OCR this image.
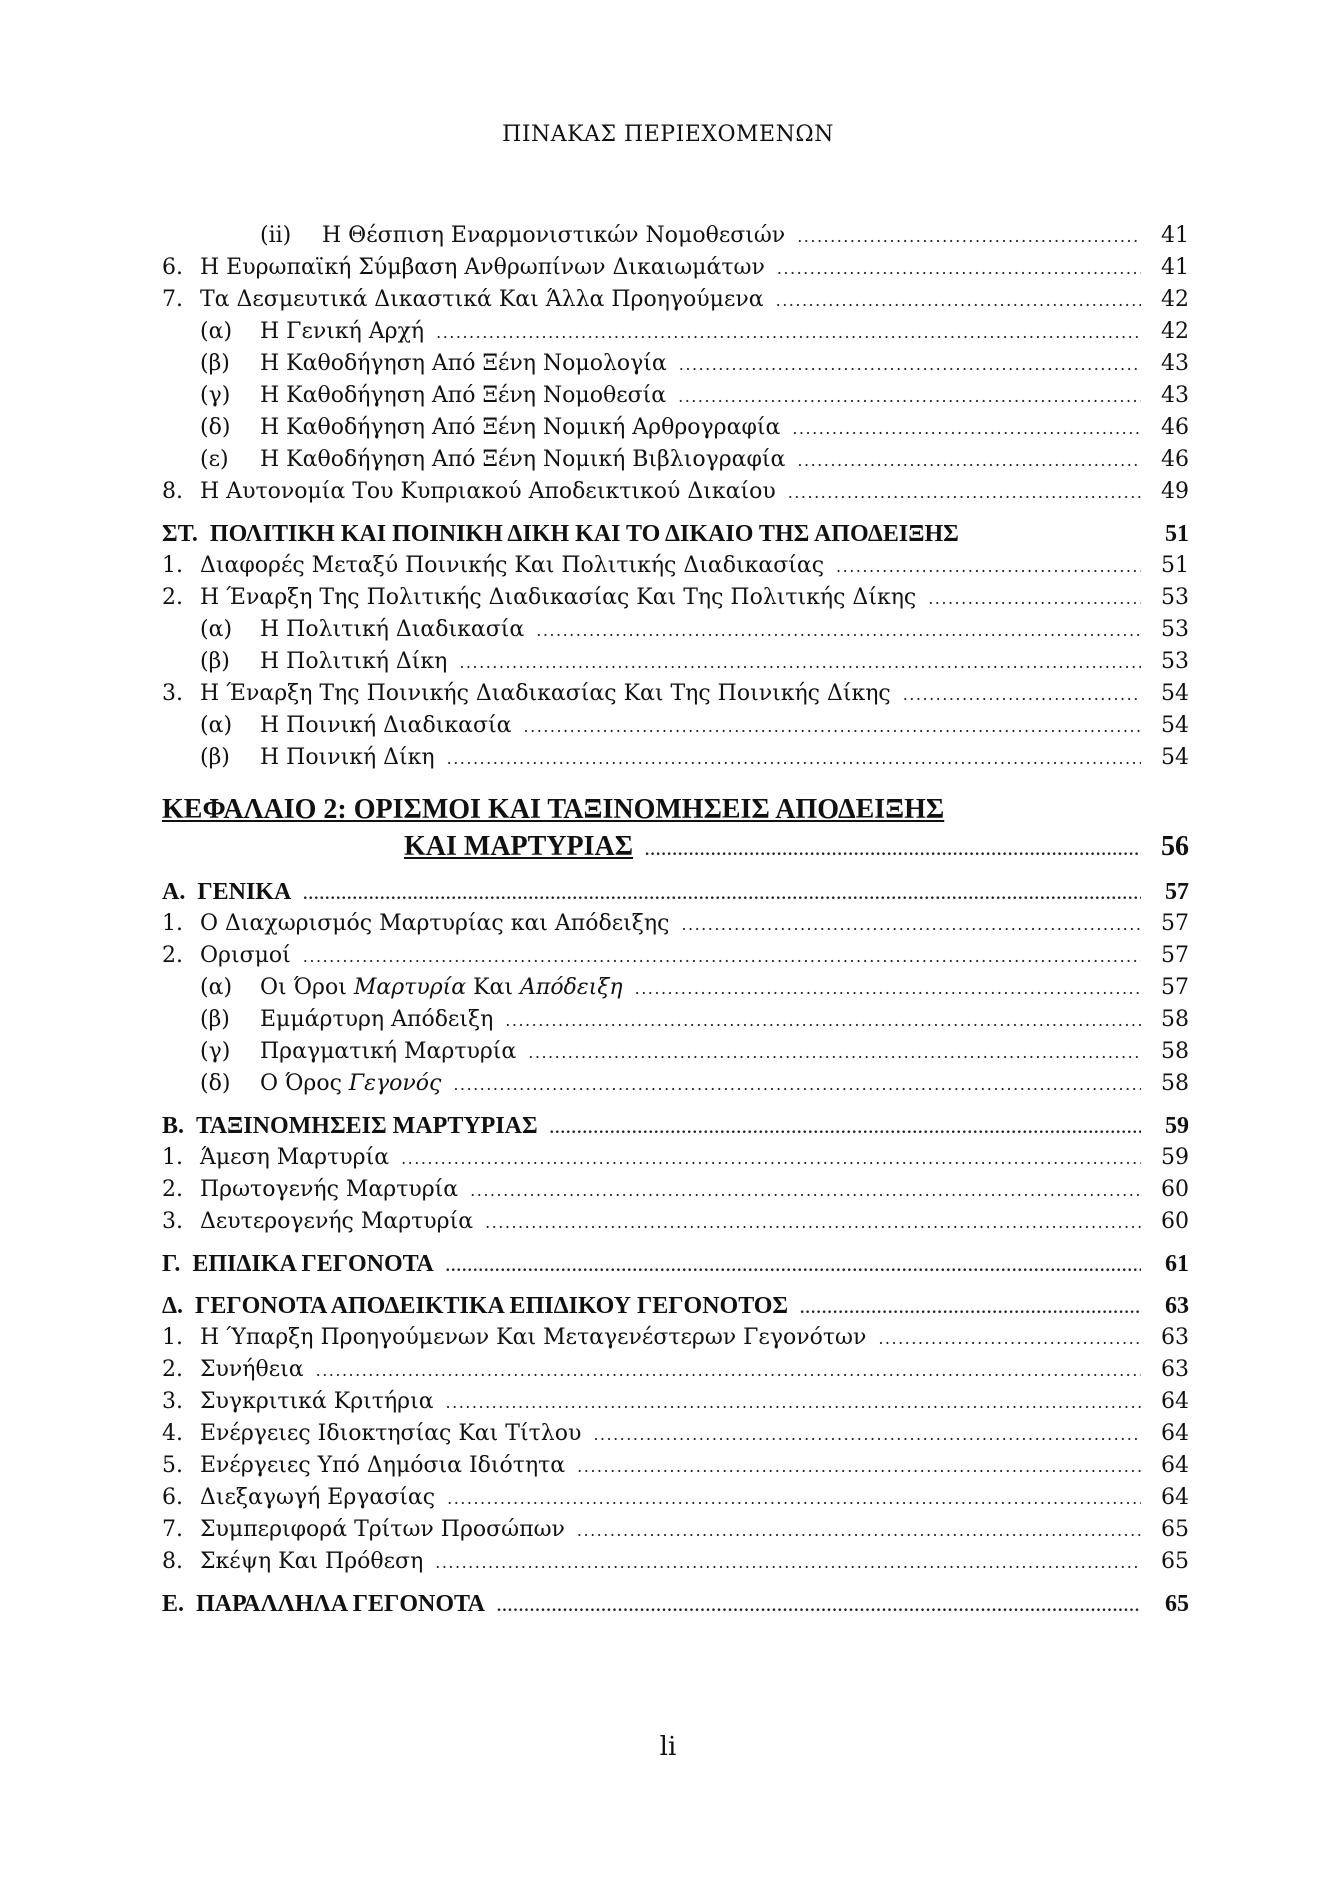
ΠΙΝΑΚΑΣ ΠΕΡΙΕΧΟΜΕΝΩΝ
(ii)	Η Θέσπιση Εναρμονιστικών Νομοθεσιών .....	41
6. Η Ευρωπαϊκή Σύμβαση Ανθρωπίνων Δικαιωμάτων .....	41
7. Τα Δεσμευτικά Δικαστικά Και Άλλα Προηγούμενα .....	42
(α)	Η Γενική Αρχή .....	42
(β)	Η Καθοδήγηση Από Ξένη Νομολογία .....	43
(γ)	Η Καθοδήγηση Από Ξένη Νομοθεσία .....	43
(δ)	Η Καθοδήγηση Από Ξένη Νομική Αρθρογραφία .....	46
(ε)	Η Καθοδήγηση Από Ξένη Νομική Βιβλιογραφία .....	46
8. Η Αυτονομία Του Κυπριακού Αποδεικτικού Δικαίου .....	49
ΣΤ. ΠΟΛΙΤΙΚΗ ΚΑΙ ΠΟΙΝΙΚΗ ΔΙΚΗ ΚΑΙ ΤΟ ΔΙΚΑΙΟ ΤΗΣ ΑΠΟΔΕΙΞΗΣ	51
1. Διαφορές Μεταξύ Ποινικής Και Πολιτικής Διαδικασίας .....	51
2. Η Έναρξη Της Πολιτικής Διαδικασίας Και Της Πολιτικής Δίκης .....	53
(α)	Η Πολιτική Διαδικασία .....	53
(β)	Η Πολιτική Δίκη .....	53
3. Η Έναρξη Της Ποινικής Διαδικασίας Και Της Ποινικής Δίκης .....	54
(α)	Η Ποινική Διαδικασία .....	54
(β)	Η Ποινική Δίκη .....	54
ΚΕΦΑΛΑΙΟ 2: ΟΡΙΣΜΟΙ ΚΑΙ ΤΑΞΙΝΟΜΗΣΕΙΣ ΑΠΟΔΕΙΞΗΣ
ΚΑΙ ΜΑΡΤΥΡΙΑΣ .....	56
Α. ΓΕΝΙΚΑ .....	57
1. Ο Διαχωρισμός Μαρτυρίας και Απόδειξης .....	57
2. Ορισμοί .....	57
(α)	Οι Όροι Μαρτυρία Και Απόδειξη .....	57
(β)	Εμμάρτυρη Απόδειξη .....	58
(γ)	Πραγματική Μαρτυρία .....	58
(δ)	Ο Όρος Γεγονός .....	58
Β. ΤΑΞΙΝΟΜΗΣΕΙΣ ΜΑΡΤΥΡΙΑΣ .....	59
1. Άμεση Μαρτυρία .....	59
2. Πρωτογενής Μαρτυρία .....	60
3. Δευτερογενής Μαρτυρία .....	60
Γ. ΕΠΙΔΙΚΑ ΓΕΓΟΝΟΤΑ .....	61
Δ. ΓΕΓΟΝΟΤΑ ΑΠΟΔΕΙΚΤΙΚΑ ΕΠΙΔΙΚΟΥ ΓΕΓΟΝΟΤΟΣ .....	63
1. Η Ύπαρξη Προηγούμενων Και Μεταγενέστερων Γεγονότων .....	63
2. Συνήθεια .....	63
3. Συγκριτικά Κριτήρια .....	64
4. Ενέργειες Ιδιοκτησίας Και Τίτλου .....	64
5. Ενέργειες Υπό Δημόσια Ιδιότητα .....	64
6. Διεξαγωγή Εργασίας .....	64
7. Συμπεριφορά Τρίτων Προσώπων .....	65
8. Σκέψη Και Πρόθεση .....	65
Ε. ΠΑΡΑΛΛΗΛΑ ΓΕΓΟΝΟΤΑ .....	65
li
